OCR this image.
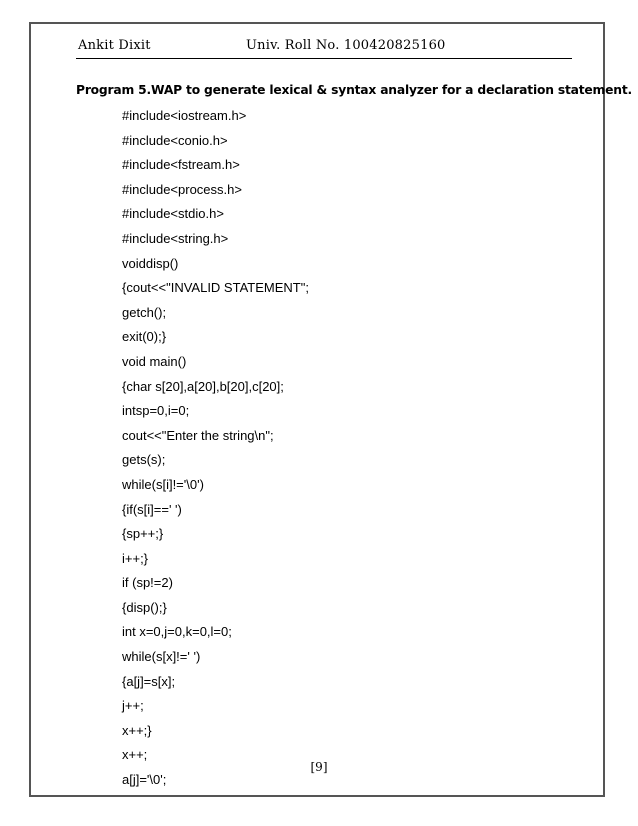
Ankit Dixit	Univ. Roll No. 100420825160
Program 5.WAP to generate lexical & syntax analyzer for a declaration statement.
#include<iostream.h>
#include<conio.h>
#include<fstream.h>
#include<process.h>
#include<stdio.h>
#include<string.h>
voiddisp()
{cout<<"INVALID STATEMENT";
getch();
exit(0);}
void main()
{char s[20],a[20],b[20],c[20];
intsp=0,i=0;
cout<<"Enter the string\n";
gets(s);
while(s[i]!='\0')
{if(s[i]==' ')
{sp++;}
i++;}
if (sp!=2)
{disp();}
int x=0,j=0,k=0,l=0;
while(s[x]!=' ')
{a[j]=s[x];
j++;
x++;}
x++;
a[j]='\0';
[9]
